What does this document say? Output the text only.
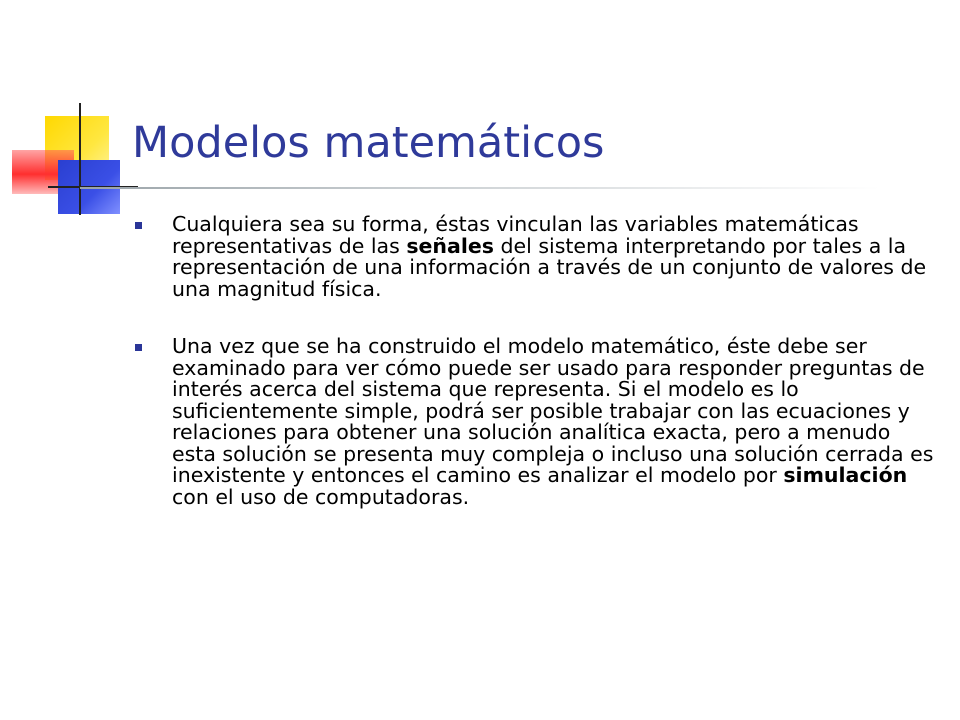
Modelos matemáticos

Cualquiera sea su forma, éstas vinculan las variables matemáticas representativas de las señales del sistema interpretando por tales a la representación de una información a través de un conjunto de valores de una magnitud física.

Una vez que se ha construido el modelo matemático, éste debe ser examinado para ver cómo puede ser usado para responder preguntas de interés acerca del sistema que representa. Si el modelo es lo suficientemente simple, podrá ser posible trabajar con las ecuaciones y relaciones para obtener una solución analítica exacta, pero a menudo esta solución se presenta muy compleja o incluso una solución cerrada es inexistente y entonces el camino es analizar el modelo por simulación con el uso de computadoras.
